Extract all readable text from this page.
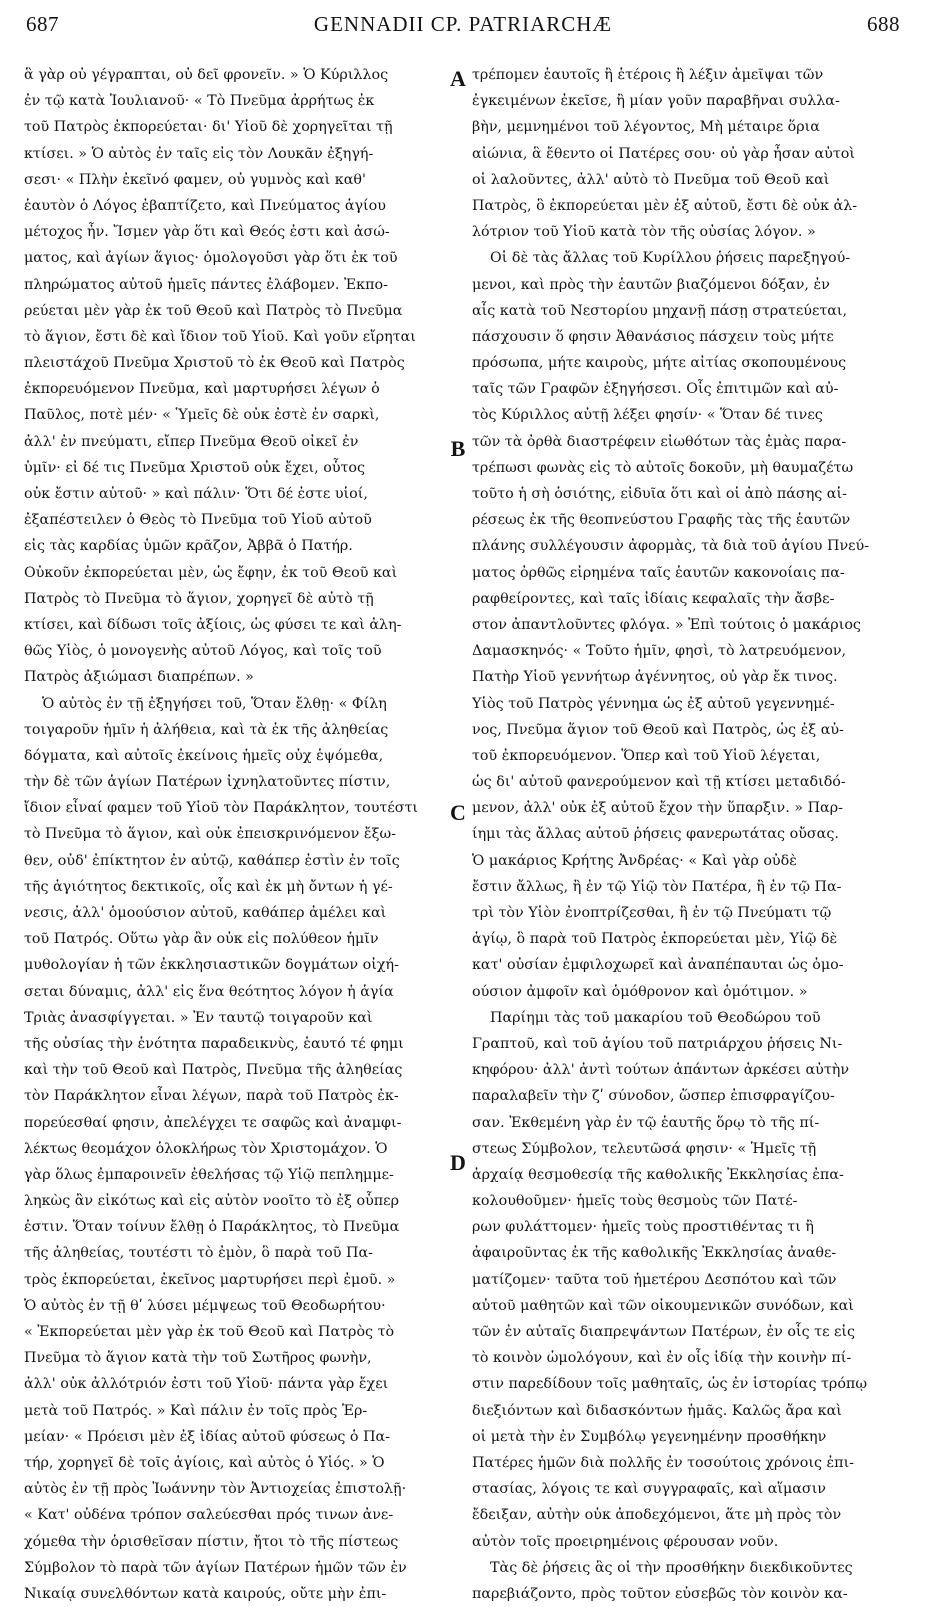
687	GENNADII CP. PATRIARCHÆ	688
ἃ γὰρ οὐ γέγραπται, οὐ δεῖ φρονεῖν. » Ὁ Κύριλλος
ἐν τῷ κατὰ Ἰουλιανοῦ· « Τὸ Πνεῦμα ἀρρήτως ἐκ
τοῦ Πατρὸς ἐκπορεύεται· δι' Υἱοῦ δὲ χορηγεῖται τῇ
κτίσει. » Ὁ αὐτὸς ἐν ταῖς εἰς τὸν Λουκᾶν ἐξηγή-
σεσι· « Πλὴν ἐκεῖνό φαμεν, οὐ γυμνὸς καὶ καθ'
ἑαυτὸν ὁ Λόγος ἐβαπτίζετο, καὶ Πνεύματος ἁγίου
μέτοχος ἦν. Ἴσμεν γὰρ ὅτι καὶ Θεός ἐστι καὶ ἀσώ-
ματος, καὶ ἁγίων ἅγιος· ὁμολογοῦσι γὰρ ὅτι ἐκ τοῦ
πληρώματος αὐτοῦ ἡμεῖς πάντες ἐλάβομεν. Ἐκπο-
ρεύεται μὲν γὰρ ἐκ τοῦ Θεοῦ καὶ Πατρὸς τὸ Πνεῦμα
τὸ ἅγιον, ἔστι δὲ καὶ ἴδιον τοῦ Υἱοῦ. Καὶ γοῦν εἴρηται
πλειστάχοῦ Πνεῦμα Χριστοῦ τὸ ἐκ Θεοῦ καὶ Πατρὸς
ἐκπορευόμενον Πνεῦμα, καὶ μαρτυρήσει λέγων ὁ
Παῦλος, ποτὲ μέν· « Ὑμεῖς δὲ οὐκ ἐστὲ ἐν σαρκὶ,
ἀλλ' ἐν πνεύματι, εἴπερ Πνεῦμα Θεοῦ οἰκεῖ ἐν
ὑμῖν· εἰ δέ τις Πνεῦμα Χριστοῦ οὐκ ἔχει, οὗτος
οὐκ ἔστιν αὐτοῦ· » καὶ πάλιν· Ὅτι δέ ἐστε υἱοί,
ἐξαπέστειλεν ὁ Θεὸς τὸ Πνεῦμα τοῦ Υἱοῦ αὐτοῦ
εἰς τὰς καρδίας ὑμῶν κρᾶζον, Ἀββᾶ ὁ Πατήρ.
Οὐκοῦν ἐκπορεύεται μὲν, ὡς ἔφην, ἐκ τοῦ Θεοῦ καὶ
Πατρὸς τὸ Πνεῦμα τὸ ἅγιον, χορηγεῖ δὲ αὐτὸ τῇ
κτίσει, καὶ δίδωσι τοῖς ἀξίοις, ὡς φύσει τε καὶ ἀλη-
θῶς Υἱὸς, ὁ μονογενὴς αὐτοῦ Λόγος, καὶ τοῖς τοῦ
Πατρὸς ἀξιώμασι διαπρέπων. »
Ὁ αὐτὸς ἐν τῇ ἐξηγήσει τοῦ, Ὅταν ἔλθῃ· « Φίλη
τοιγαροῦν ἡμῖν ἡ ἀλήθεια, καὶ τὰ ἐκ τῆς ἀληθείας
δόγματα, καὶ αὐτοῖς ἐκείνοις ἡμεῖς οὐχ ἑψόμεθα,
τὴν δὲ τῶν ἁγίων Πατέρων ἰχνηλατοῦντες πίστιν,
ἴδιον εἶναί φαμεν τοῦ Υἱοῦ τὸν Παράκλητον, τουτέστι
τὸ Πνεῦμα τὸ ἅγιον, καὶ οὐκ ἐπεισκρινόμενον ἔξω-
θεν, οὐδ' ἐπίκτητον ἐν αὐτῷ, καθάπερ ἐστὶν ἐν τοῖς
τῆς ἁγιότητος δεκτικοῖς, οἷς καὶ ἐκ μὴ ὄντων ἡ γέ-
νεσις, ἀλλ' ὁμοούσιον αὐτοῦ, καθάπερ ἀμέλει καὶ
τοῦ Πατρός. Οὕτω γὰρ ἂν οὐκ εἰς πολύθεον ἡμῖν
μυθολογίαν ἡ τῶν ἐκκλησιαστικῶν δογμάτων οἰχή-
σεται δύναμις, ἀλλ' εἰς ἕνα θεότητος λόγον ἡ ἁγία
Τριὰς ἀνασφίγγεται. » Ἐν ταυτῷ τοιγαροῦν καὶ
τῆς οὐσίας τὴν ἑνότητα παραδεικνὺς, ἑαυτό τέ φημι
καὶ τὴν τοῦ Θεοῦ καὶ Πατρὸς, Πνεῦμα τῆς ἀληθείας
τὸν Παράκλητον εἶναι λέγων, παρὰ τοῦ Πατρὸς ἐκ-
πορεύεσθαί φησιν, ἀπελέγχει τε σαφῶς καὶ ἀναμφι-
λέκτως θεομάχον ὁλοκλήρως τὸν Χριστομάχον. Ὁ
γὰρ ὅλως ἐμπαροινεῖν ἐθελήσας τῷ Υἱῷ πεπλημμε-
ληκὼς ἂν εἰκότως καὶ εἰς αὐτὸν νοοῖτο τὸ ἐξ οὗπερ
ἐστιν. Ὅταν τοίνυν ἔλθῃ ὁ Παράκλητος, τὸ Πνεῦμα
τῆς ἀληθείας, τουτέστι τὸ ἐμὸν, ὃ παρὰ τοῦ Πα-
τρὸς ἐκπορεύεται, ἐκεῖνος μαρτυρήσει περὶ ἐμοῦ. »
Ὁ αὐτὸς ἐν τῇ θʹ λύσει μέμψεως τοῦ Θεοδωρήτου·
« Ἐκπορεύεται μὲν γὰρ ἐκ τοῦ Θεοῦ καὶ Πατρὸς τὸ
Πνεῦμα τὸ ἅγιον κατὰ τὴν τοῦ Σωτῆρος φωνὴν,
ἀλλ' οὐκ ἀλλότριόν ἐστι τοῦ Υἱοῦ· πάντα γὰρ ἔχει
μετὰ τοῦ Πατρός. » Καὶ πάλιν ἐν τοῖς πρὸς Ἑρ-
μείαν· « Πρόεισι μὲν ἐξ ἰδίας αὐτοῦ φύσεως ὁ Πα-
τήρ, χορηγεῖ δὲ τοῖς ἁγίοις, καὶ αὐτὸς ὁ Υἱός. » Ὁ
αὐτὸς ἐν τῇ πρὸς Ἰωάννην τὸν Ἀντιοχείας ἐπιστολῇ·
« Κατ' οὐδένα τρόπον σαλεύεσθαι πρός τινων ἀνε-
χόμεθα τὴν ὁρισθεῖσαν πίστιν, ἤτοι τὸ τῆς πίστεως
Σύμβολον τὸ παρὰ τῶν ἁγίων Πατέρων ἡμῶν τῶν ἐν
Νικαίᾳ συνελθόντων κατὰ καιρούς, οὔτε μὴν ἐπι-
τρέπομεν ἑαυτοῖς ἢ ἑτέροις ἢ λέξιν ἀμεῖψαι τῶν
ἐγκειμένων ἐκεῖσε, ἢ μίαν γοῦν παραβῆναι συλλα-
βὴν, μεμνημένοι τοῦ λέγοντος, Μὴ μέταιρε ὅρια
αἰώνια, ἃ ἔθεντο οἱ Πατέρες σου· οὐ γὰρ ἦσαν αὐτοὶ
οἱ λαλοῦντες, ἀλλ' αὐτὸ τὸ Πνεῦμα τοῦ Θεοῦ καὶ
Πατρὸς, ὃ ἐκπορεύεται μὲν ἐξ αὐτοῦ, ἔστι δὲ οὐκ ἀλ-
λότριον τοῦ Υἱοῦ κατὰ τὸν τῆς οὐσίας λόγον. »
Οἱ δὲ τὰς ἄλλας τοῦ Κυρίλλου ῥήσεις παρεξηγού-
μενοι, καὶ πρὸς τὴν ἑαυτῶν βιαζόμενοι δόξαν, ἐν
αἷς κατὰ τοῦ Νεστορίου μηχανῇ πάσῃ στρατεύεται,
πάσχουσιν ὅ φησιν Ἀθανάσιος πάσχειν τοὺς μήτε
πρόσωπα, μήτε καιροὺς, μήτε αἰτίας σκοπουμένους
ταῖς τῶν Γραφῶν ἐξηγήσεσι. Οἷς ἐπιτιμῶν καὶ αὐ-
τὸς Κύριλλος αὐτῇ λέξει φησίν· « Ὅταν δέ τινες
τῶν τὰ ὀρθὰ διαστρέφειν εἰωθότων τὰς ἐμὰς παρα-
τρέπωσι φωνὰς εἰς τὸ αὐτοῖς δοκοῦν, μὴ θαυμαζέτω
τοῦτο ἡ σὴ ὁσιότης, εἰδυῖα ὅτι καὶ οἱ ἀπὸ πάσης αἱ-
ρέσεως ἐκ τῆς θεοπνεύστου Γραφῆς τὰς τῆς ἑαυτῶν
πλάνης συλλέγουσιν ἀφορμὰς, τὰ διὰ τοῦ ἁγίου Πνεύ-
ματος ὀρθῶς εἰρημένα ταῖς ἑαυτῶν κακονοίαις πα-
ραφθείροντες, καὶ ταῖς ἰδίαις κεφαλαῖς τὴν ἄσβε-
στον ἀπαντλοῦντες φλόγα. » Ἐπὶ τούτοις ὁ μακάριος
Δαμασκηνός· « Τοῦτο ἡμῖν, φησὶ, τὸ λατρευόμενον,
Πατὴρ Υἱοῦ γεννήτωρ ἀγέννητος, οὐ γὰρ ἔκ τινος.
Υἱὸς τοῦ Πατρὸς γέννημα ὡς ἐξ αὐτοῦ γεγεννημέ-
νος, Πνεῦμα ἅγιον τοῦ Θεοῦ καὶ Πατρὸς, ὡς ἐξ αὐ-
τοῦ ἐκπορευόμενον. Ὅπερ καὶ τοῦ Υἱοῦ λέγεται,
ὡς δι' αὐτοῦ φανερούμενον καὶ τῇ κτίσει μεταδιδό-
μενον, ἀλλ' οὐκ ἐξ αὐτοῦ ἔχον τὴν ὕπαρξιν. » Παρ-
ίημι τὰς ἄλλας αὐτοῦ ῥήσεις φανερωτάτας οὔσας.
Ὁ μακάριος Κρήτης Ἀνδρέας· « Καὶ γὰρ οὐδὲ
ἔστιν ἄλλως, ἢ ἐν τῷ Υἱῷ τὸν Πατέρα, ἢ ἐν τῷ Πα-
τρὶ τὸν Υἱὸν ἐνοπτρίζεσθαι, ἢ ἐν τῷ Πνεύματι τῷ
ἁγίῳ, ὃ παρὰ τοῦ Πατρὸς ἐκπορεύεται μὲν, Υἱῷ δὲ
κατ' οὐσίαν ἐμφιλοχωρεῖ καὶ ἀναπέπαυται ὡς ὁμο-
ούσιον ἀμφοῖν καὶ ὁμόθρονον καὶ ὁμότιμον. »
Παρίημι τὰς τοῦ μακαρίου τοῦ Θεοδώρου τοῦ
Γραπτοῦ, καὶ τοῦ ἁγίου τοῦ πατριάρχου ῥήσεις Νι-
κηφόρου· ἀλλ' ἀντὶ τούτων ἁπάντων ἀρκέσει αὐτὴν
παραλαβεῖν τὴν ζʹ σύνοδον, ὥσπερ ἐπισφραγίζου-
σαν. Ἐκθεμένη γὰρ ἐν τῷ ἑαυτῆς ὅρῳ τὸ τῆς πί-
στεως Σύμβολον, τελευτῶσά φησιν· « Ἡμεῖς τῇ
ἀρχαίᾳ θεσμοθεσίᾳ τῆς καθολικῆς Ἐκκλησίας ἐπα-
κολουθοῦμεν· ἡμεῖς τοὺς θεσμοὺς τῶν Πατέ-
ρων φυλάττομεν· ἡμεῖς τοὺς προστιθέντας τι ἢ
ἀφαιροῦντας ἐκ τῆς καθολικῆς Ἐκκλησίας ἀναθε-
ματίζομεν· ταῦτα τοῦ ἡμετέρου Δεσπότου καὶ τῶν
αὐτοῦ μαθητῶν καὶ τῶν οἰκουμενικῶν συνόδων, καὶ
τῶν ἐν αὐταῖς διαπρεψάντων Πατέρων, ἐν οἷς τε εἰς
τὸ κοινὸν ὡμολόγουν, καὶ ἐν οἷς ἰδίᾳ τὴν κοινὴν πί-
στιν παρεδίδουν τοῖς μαθηταῖς, ὡς ἐν ἱστορίας τρόπῳ
διεξιόντων καὶ διδασκόντων ἡμᾶς. Καλῶς ἄρα καὶ
οἱ μετὰ τὴν ἐν Συμβόλῳ γεγενημένην προσθήκην
Πατέρες ἡμῶν διὰ πολλῆς ἐν τοσούτοις χρόνοις ἐπι-
στασίας, λόγοις τε καὶ συγγραφαῖς, καὶ αἵμασιν
ἔδειξαν, αὐτὴν οὐκ ἀποδεχόμενοι, ἅτε μὴ πρὸς τὸν
αὐτὸν τοῖς προειρημένοις φέρουσαν νοῦν.
Τὰς δὲ ῥήσεις ἃς οἱ τὴν προσθήκην διεκδικοῦντες
παρεβιάζοντο, πρὸς τοῦτον εὐσεβῶς τὸν κοινὸν κα-
A
B
C
D
